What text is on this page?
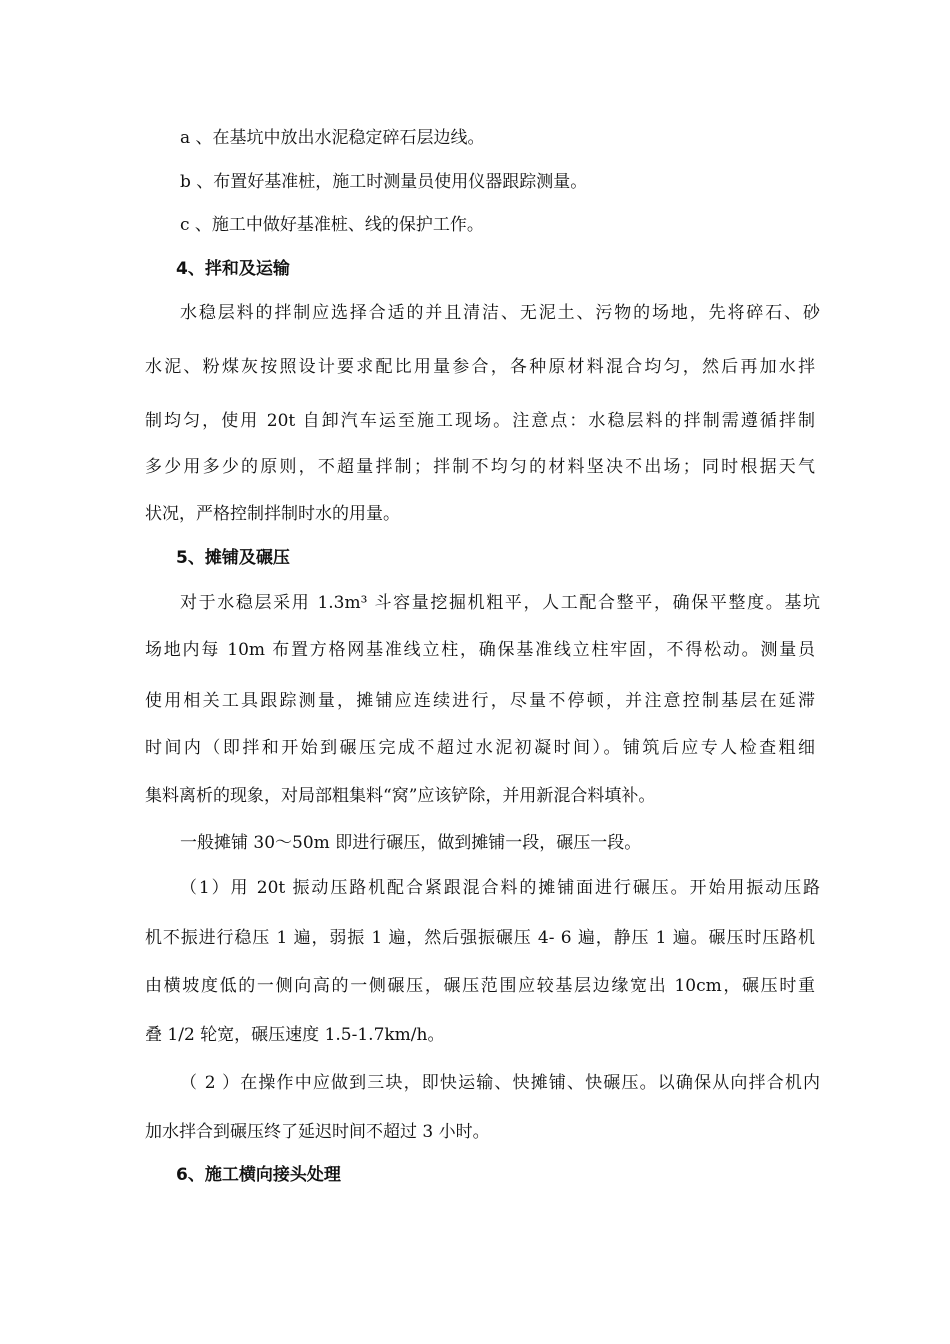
a 、在基坑中放出水泥稳定碎石层边线。
b 、布置好基准桩，施工时测量员使用仪器跟踪测量。
c 、施工中做好基准桩、线的保护工作。
4、拌和及运输
水稳层料的拌制应选择合适的并且清洁、无泥土、污物的场地，先将碎石、砂
水泥、粉煤灰按照设计要求配比用量参合，各种原材料混合均匀，然后再加水拌
制均匀，使用 20t 自卸汽车运至施工现场。注意点：水稳层料的拌制需遵循拌制
多少用多少的原则，不超量拌制；拌制不均匀的材料坚决不出场；同时根据天气
状况，严格控制拌制时水的用量。
5、摊铺及碾压
对于水稳层采用 1.3m³ 斗容量挖掘机粗平，人工配合整平，确保平整度。基坑
场地内每 10m 布置方格网基准线立柱，确保基准线立柱牢固，不得松动。测量员
使用相关工具跟踪测量，摊铺应连续进行，尽量不停顿，并注意控制基层在延滞
时间内（即拌和开始到碾压完成不超过水泥初凝时间）。铺筑后应专人检查粗细
集料离析的现象，对局部粗集料“窝”应该铲除，并用新混合料填补。
一般摊铺 30～50m 即进行碾压，做到摊铺一段，碾压一段。
（1）用 20t 振动压路机配合紧跟混合料的摊铺面进行碾压。开始用振动压路
机不振进行稳压 1 遍，弱振 1 遍，然后强振碾压 4- 6 遍，静压 1 遍。碾压时压路机
由横坡度低的一侧向高的一侧碾压，碾压范围应较基层边缘宽出 10cm，碾压时重
叠 1/2 轮宽，碾压速度 1.5-1.7km/h。
（ 2 ）在操作中应做到三块，即快运输、快摊铺、快碾压。以确保从向拌合机内
加水拌合到碾压终了延迟时间不超过 3 小时。
6、施工横向接头处理
